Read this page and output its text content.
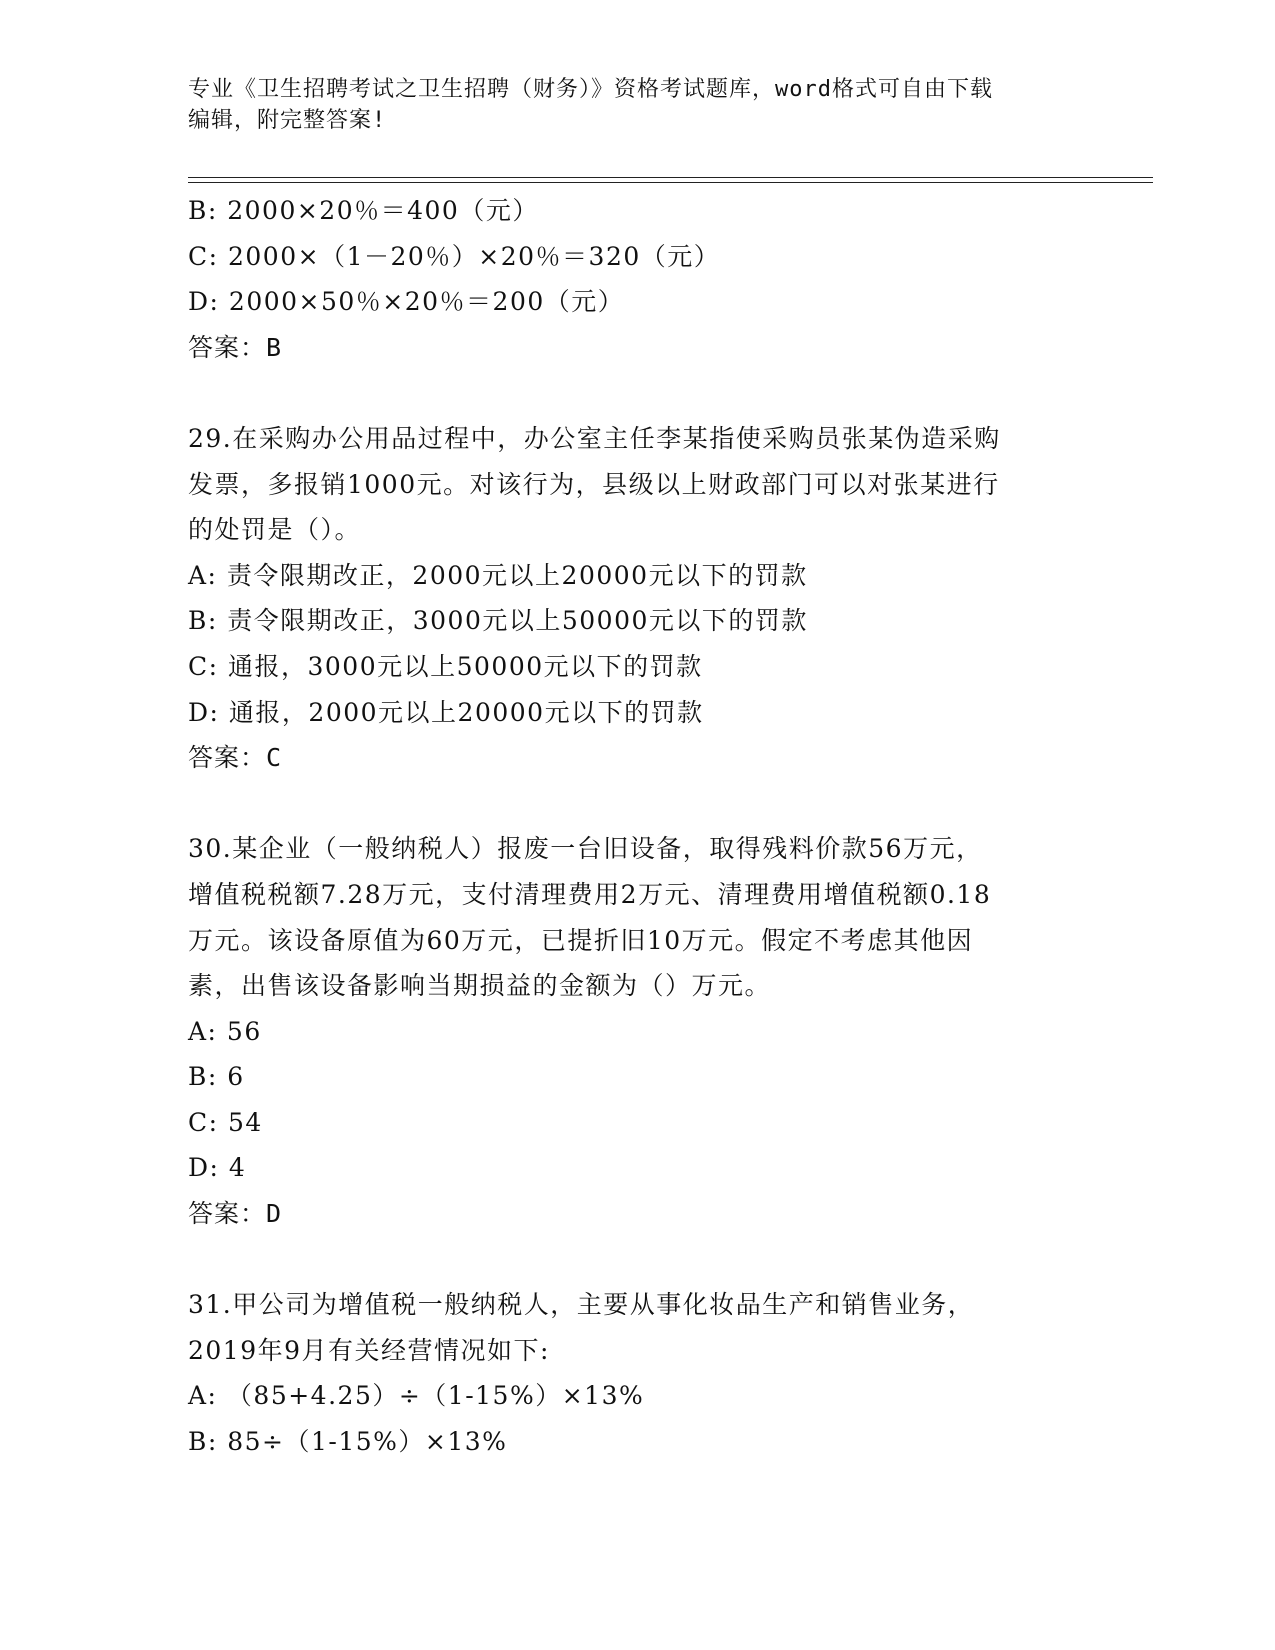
专业《卫生招聘考试之卫生招聘（财务）》资格考试题库，word格式可自由下载
编辑，附完整答案!
B: 2000×20％＝400（元）
C: 2000×（1－20％）×20％＝320（元）
D: 2000×50％×20％＝200（元）
答案：B
29.在采购办公用品过程中，办公室主任李某指使采购员张某伪造采购
发票，多报销1000元。对该行为，县级以上财政部门可以对张某进行
的处罚是（）。
A: 责令限期改正，2000元以上20000元以下的罚款
B: 责令限期改正，3000元以上50000元以下的罚款
C: 通报，3000元以上50000元以下的罚款
D: 通报，2000元以上20000元以下的罚款
答案：C
30.某企业（一般纳税人）报废一台旧设备，取得残料价款56万元，
增值税税额7.28万元，支付清理费用2万元、清理费用增值税额0.18
万元。该设备原值为60万元，已提折旧10万元。假定不考虑其他因
素，出售该设备影响当期损益的金额为（）万元。
A: 56
B: 6
C: 54
D: 4
答案：D
31.甲公司为增值税一般纳税人，主要从事化妆品生产和销售业务，
2019年9月有关经营情况如下:
A: （85+4.25）÷（1-15%）×13%
B: 85÷（1-15%）×13%
